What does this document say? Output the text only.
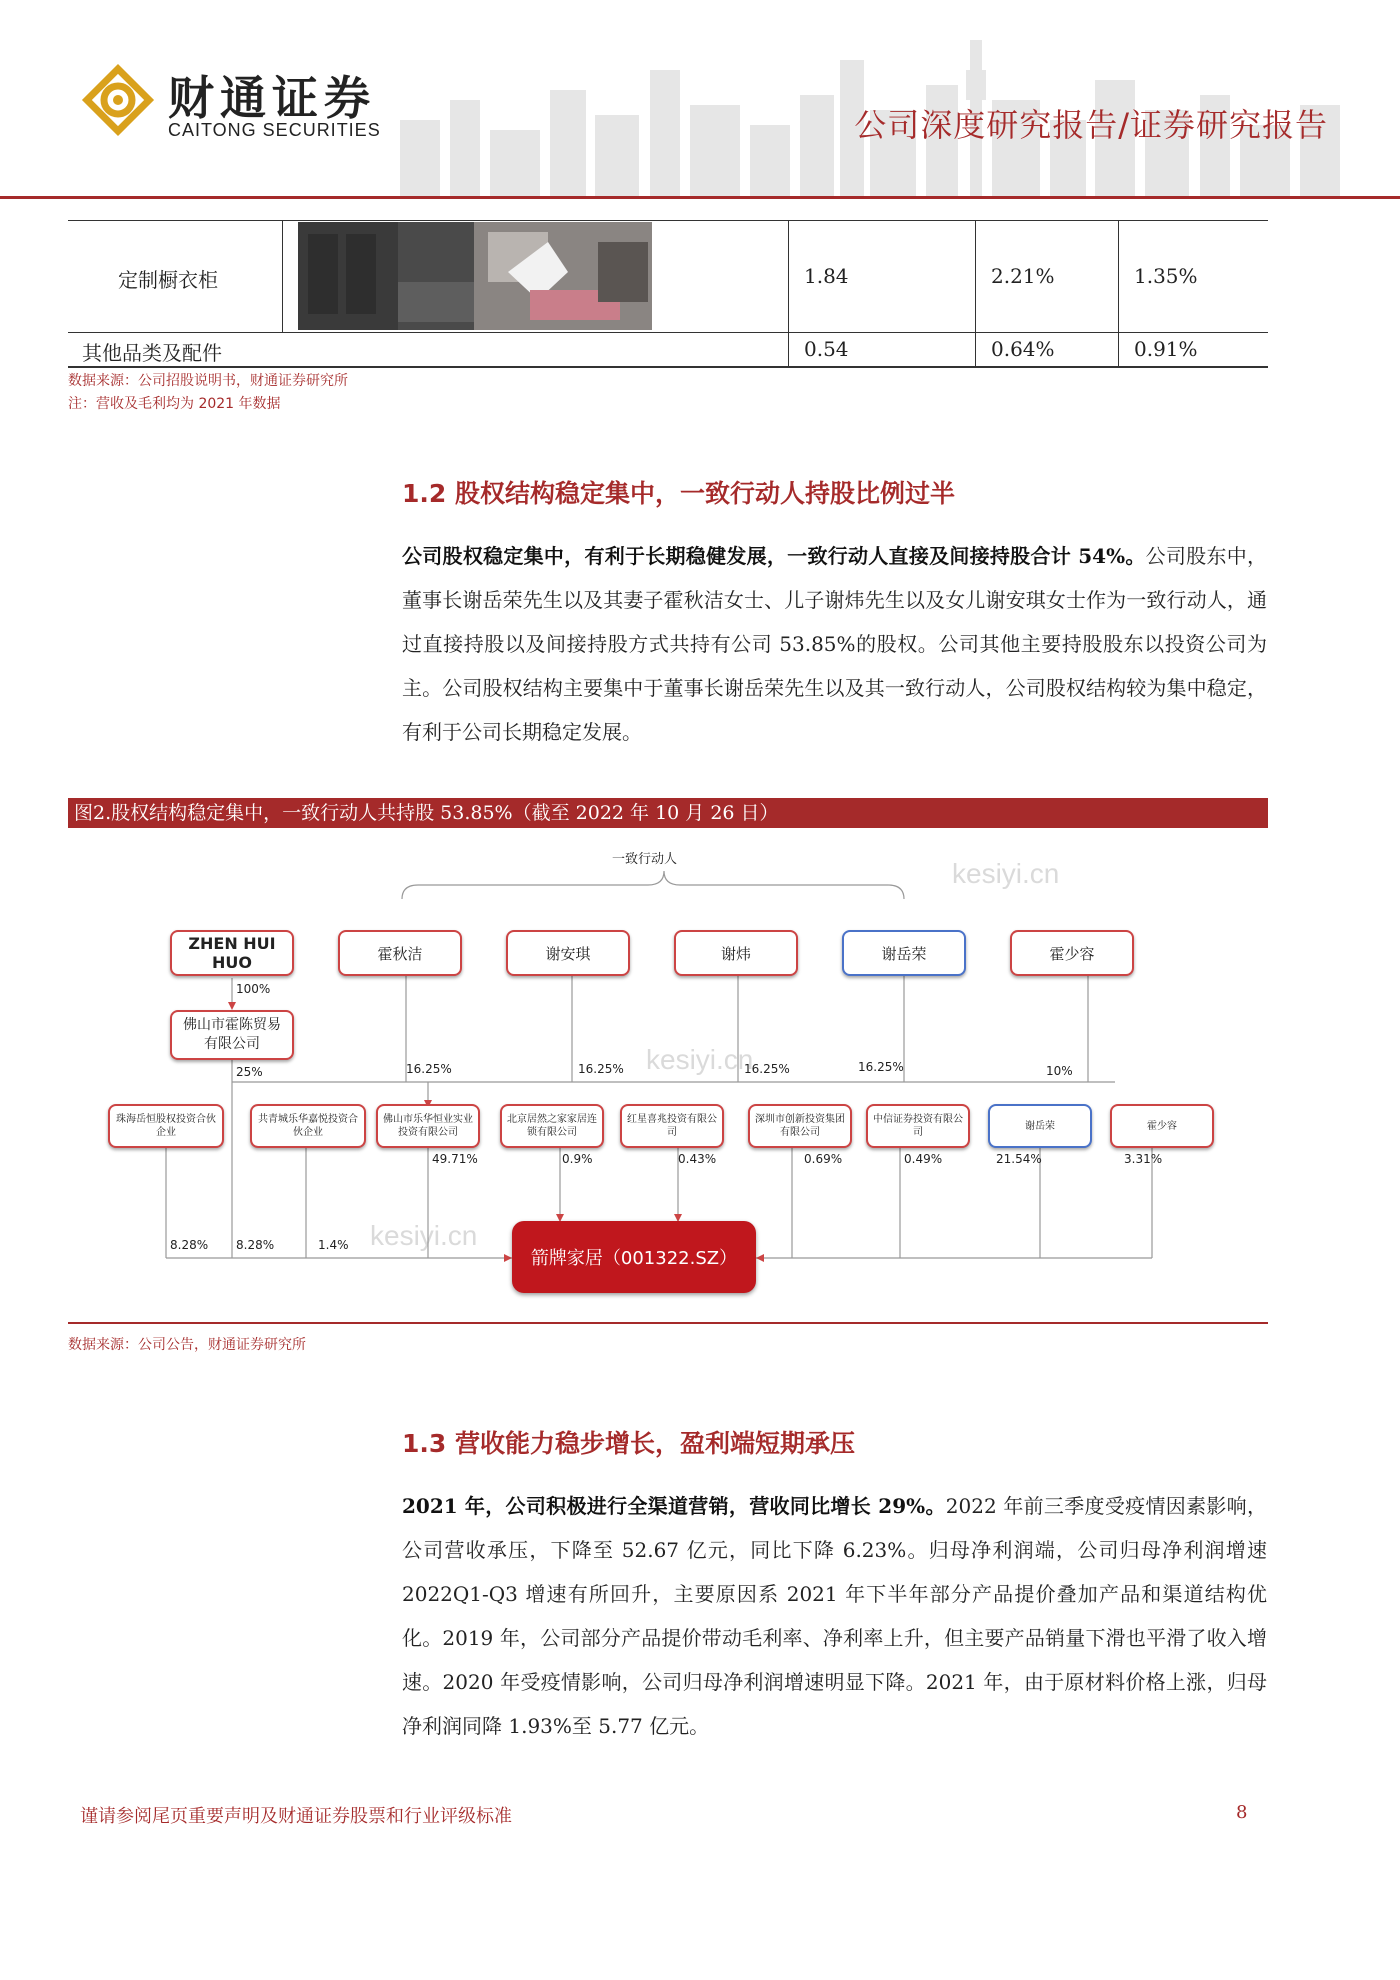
财通证券
CAITONG SECURITIES	公司深度研究报告/证券研究报告
定制橱衣柜	1.84	2.21%	1.35%
其他品类及配件	0.54	0.64%	0.91%
数据来源：公司招股说明书，财通证券研究所
注：营收及毛利均为 2021 年数据
1.2 股权结构稳定集中，一致行动人持股比例过半
公司股权稳定集中，有利于长期稳健发展，一致行动人直接及间接持股合计 54%。公司股东中，董事长谢岳荣先生以及其妻子霍秋洁女士、儿子谢炜先生以及女儿谢安琪女士作为一致行动人，通过直接持股以及间接持股方式共持有公司 53.85%的股权。公司其他主要持股股东以投资公司为主。公司股权结构主要集中于董事长谢岳荣先生以及其一致行动人，公司股权结构较为集中稳定，有利于公司长期稳定发展。
图2.股权结构稳定集中，一致行动人共持股 53.85%（截至 2022 年 10 月 26 日）
一致行动人
ZHEN HUI HUO	霍秋洁	谢安琪	谢炜	谢岳荣	霍少容
佛山市霍陈贸易有限公司
100%
25%	16.25%	16.25%	16.25%	16.25%	10%
珠海岳恒股权投资合伙企业
共青城乐华嘉悦投资合伙企业
佛山市乐华恒业实业投资有限公司
北京居然之家家居连锁有限公司
红星喜兆投资有限公司
深圳市创新投资集团有限公司
中信证券投资有限公司
谢岳荣	霍少容
8.28% 8.28%	1.4%
49.71%	0.9%	0.43%	0.69%	0.49%	21.54%	3.31%
箭牌家居（001322.SZ）
kesiyi.cn
kesiyi.cn
kesiyi.cn
数据来源：公司公告，财通证券研究所
1.3 营收能力稳步增长，盈利端短期承压
2021 年，公司积极进行全渠道营销，营收同比增长 29%。2022 年前三季度受疫情因素影响，公司营收承压，下降至 52.67 亿元，同比下降 6.23%。归母净利润端，公司归母净利润增速 2022Q1-Q3 增速有所回升，主要原因系 2021 年下半年部分产品提价叠加产品和渠道结构优化。2019 年，公司部分产品提价带动毛利率、净利率上升，但主要产品销量下滑也平滑了收入增速。2020 年受疫情影响，公司归母净利润增速明显下降。2021 年，由于原材料价格上涨，归母净利润同降 1.93%至 5.77 亿元。
谨请参阅尾页重要声明及财通证券股票和行业评级标准	8
